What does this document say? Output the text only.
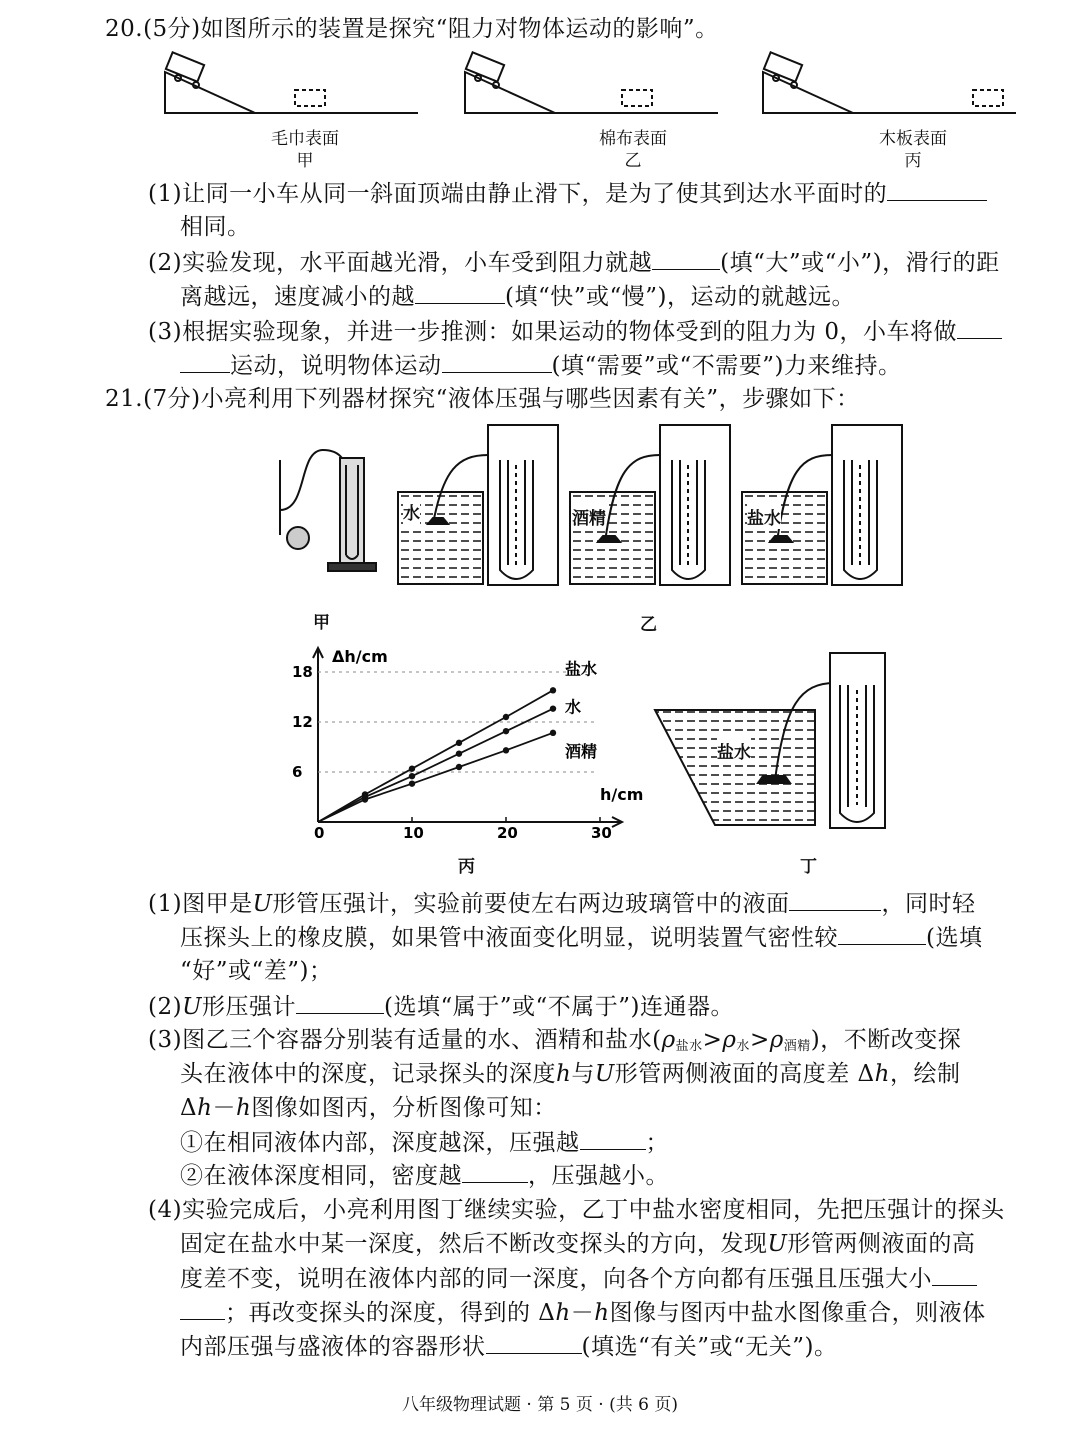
20.(5分)如图所示的装置是探究“阻力对物体运动的影响”。
毛巾表面
甲
棉布表面
乙
木板表面
丙
(1)让同一小车从同一斜面顶端由静止滑下，是为了使其到达水平面时的
相同。
(2)实验发现，水平面越光滑，小车受到阻力就越	(填“大”或“小”)，滑行的距
离越远，速度减小的越	(填“快”或“慢”)，运动的就越远。
(3)根据实验现象，并进一步推测：如果运动的物体受到的阻力为 0，小车将做
运动，说明物体运动	(填“需要”或“不需要”)力来维持。
21.(7分)小亮利用下列器材探究“液体压强与哪些因素有关”，步骤如下：
水	酒精	盐水
甲	乙
0	10	20	30
6
12
18	盐水
水
酒精
Δh/cm
h/cm
丙
盐水
丁
(1)图甲是U形管压强计，实验前要使左右两边玻璃管中的液面	，同时轻
压探头上的橡皮膜，如果管中液面变化明显，说明装置气密性较	(选填
“好”或“差”)；
(2)U形压强计	(选填“属于”或“不属于”)连通器。
(3)图乙三个容器分别装有适量的水、酒精和盐水$(\rho_{盐水}>\rho_水>\rho_{酒精})$，不断改变探
头在液体中的深度，记录探头的深度h与U形管两侧液面的高度差 Δh，绘制
Δh－h图像如图丙，分析图像可知：
①在相同液体内部，深度越深，压强越	；
②在液体深度相同，密度越	，压强越小。
(4)实验完成后，小亮利用图丁继续实验，乙丁中盐水密度相同，先把压强计的探头
固定在盐水中某一深度，然后不断改变探头的方向，发现U形管两侧液面的高
度差不变，说明在液体内部的同一深度，向各个方向都有压强且压强大小
；再改变探头的深度，得到的 Δh－h图像与图丙中盐水图像重合，则液体
内部压强与盛液体的容器形状	(填选“有关”或“无关”)。
八年级物理试题 · 第 5 页 · (共 6 页)
